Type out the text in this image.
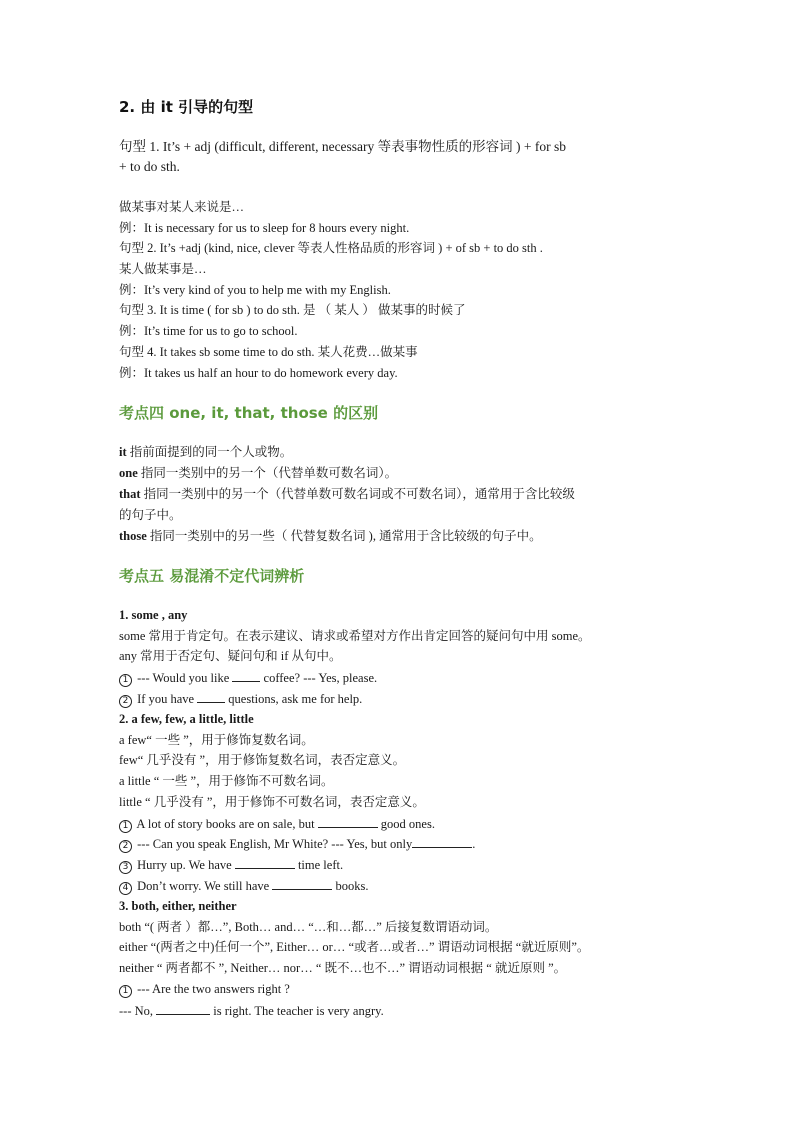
2. 由 it 引导的句型
句型 1. It’s + adj (difficult, different, necessary 等表事物性质的形容词 ) + for sb
+ to do sth.
做某事对某人来说是…
例：It is necessary for us to sleep for 8 hours every night.
句型 2. It’s +adj (kind, nice, clever 等表人性格品质的形容词 ) + of sb + to do sth .
某人做某事是…
例：It’s very kind of you to help me with my English.
句型 3. It is time ( for sb ) to do sth. 是 （ 某人 ） 做某事的时候了
例：It’s time for us to go to school.
句型 4. It takes sb some time to do sth. 某人花费…做某事
例：It takes us half an hour to do homework every day.
考点四 one, it, that, those 的区别
it 指前面提到的同一个人或物。
one 指同一类别中的另一个（代替单数可数名词）。
that 指同一类别中的另一个（代替单数可数名词或不可数名词），通常用于含比较级
的句子中。
those 指同一类别中的另一些（ 代替复数名词 ), 通常用于含比较级的句子中。
考点五 易混淆不定代词辨析
1. some , any
some 常用于肯定句。在表示建议、请求或希望对方作出肯定回答的疑问句中用 some。
any 常用于否定句、疑问句和 if 从句中。
1 --- Would you like  coffee? --- Yes, please.
2 If you have  questions, ask me for help.
2. a few, few, a little, little
a few“ 一些 ”，用于修饰复数名词。
few“ 几乎没有 ”，用于修饰复数名词，表否定意义。
a little “ 一些 ”，用于修饰不可数名词。
little “ 几乎没有 ”，用于修饰不可数名词，表否定意义。
1 A lot of story books are on sale, but	good ones.
2 --- Can you speak English, Mr White? --- Yes, but only	.
3 Hurry up. We have	time left.
4 Don’t worry. We still have	books.
3. both, either, neither
both “( 两者 ）都…”, Both… and… “…和…都…” 后接复数谓语动词。
either “(两者之中)任何一个”, Either… or… “或者…或者…” 谓语动词根据 “就近原则”。
neither “ 两者都不 ”, Neither… nor… “ 既不…也不…” 谓语动词根据 “ 就近原则 ”。
1 --- Are the two answers right ?
--- No,	is right. The teacher is very angry.
